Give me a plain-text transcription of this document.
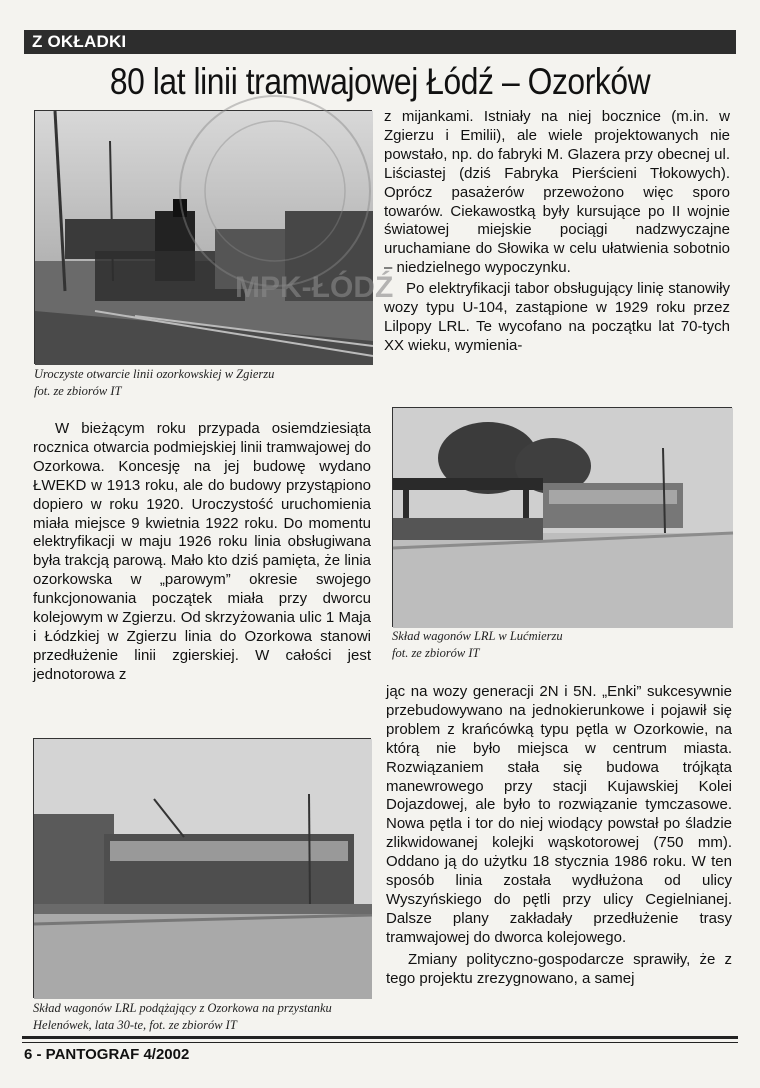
Z OKŁADKI
80 lat linii tramwajowej Łódź – Ozorków
MPK-ŁÓDŹ
Uroczyste otwarcie linii ozorkowskiej w Zgierzu
fot. ze zbiorów IT
Skład wagonów LRL w Lućmierzu
fot. ze zbiorów IT
Skład wagonów LRL podążający z Ozorkowa na przystanku Helenówek, lata 30-te, fot. ze zbiorów IT

W bieżącym roku przypada osiemdziesiąta rocznica otwarcia podmiejskiej linii tramwajowej do Ozorkowa. Koncesję na jej budowę wydano ŁWEKD w 1913 roku, ale do budowy przystąpiono dopiero w roku 1920. Uroczystość uruchomienia miała miejsce 9 kwietnia 1922 roku. Do momentu elektryfikacji w maju 1926 roku linia obsługiwana była trakcją parową. Mało kto dziś pamięta, że linia ozorkowska w „parowym” okresie swojego funkcjonowania początek miała przy dworcu kolejowym w Zgierzu. Od skrzyżowania ulic 1 Maja i Łódzkiej w Zgierzu linia do Ozorkowa stanowi przedłużenie linii zgierskiej. W całości jest jednotorowa z

z mijankami. Istniały na niej bocznice (m.in. w Zgierzu i Emilii), ale wiele projektowanych nie powstało, np. do fabryki M. Glazera przy obecnej ul. Liściastej (dziś Fabryka Pierścieni Tłokowych). Oprócz pasażerów przewożono więc sporo towarów. Ciekawostką były kursujące po II wojnie światowej miejskie pociągi nadzwyczajne uruchamiane do Słowika w celu ułatwienia sobotnio – niedzielnego wypoczynku.

Po elektryfikacji tabor obsługujący linię stanowiły wozy typu U-104, zastąpione w 1929 roku przez Lilpopy LRL. Te wycofano na początku lat 70-tych XX wieku, wymienia-

jąc na wozy generacji 2N i 5N. „Enki” sukcesywnie przebudowywano na jednokierunkowe i pojawił się problem z krańcówką typu pętla w Ozorkowie, na którą nie było miejsca w centrum miasta. Rozwiązaniem stała się budowa trójkąta manewrowego przy stacji Kujawskiej Kolei Dojazdowej, ale było to rozwiązanie tymczasowe. Nowa pętla i tor do niej wiodący powstał po śladzie zlikwidowanej kolejki wąskotorowej (750 mm). Oddano ją do użytku 18 stycznia 1986 roku. W ten sposób linia została wydłużona od ulicy Wyszyńskiego do pętli przy ulicy Cegielnianej. Dalsze plany zakładały przedłużenie trasy tramwajowej do dworca kolejowego.

Zmiany polityczno-gospodarcze sprawiły, że z tego projektu zrezygnowano, a samej

6 - PANTOGRAF 4/2002
